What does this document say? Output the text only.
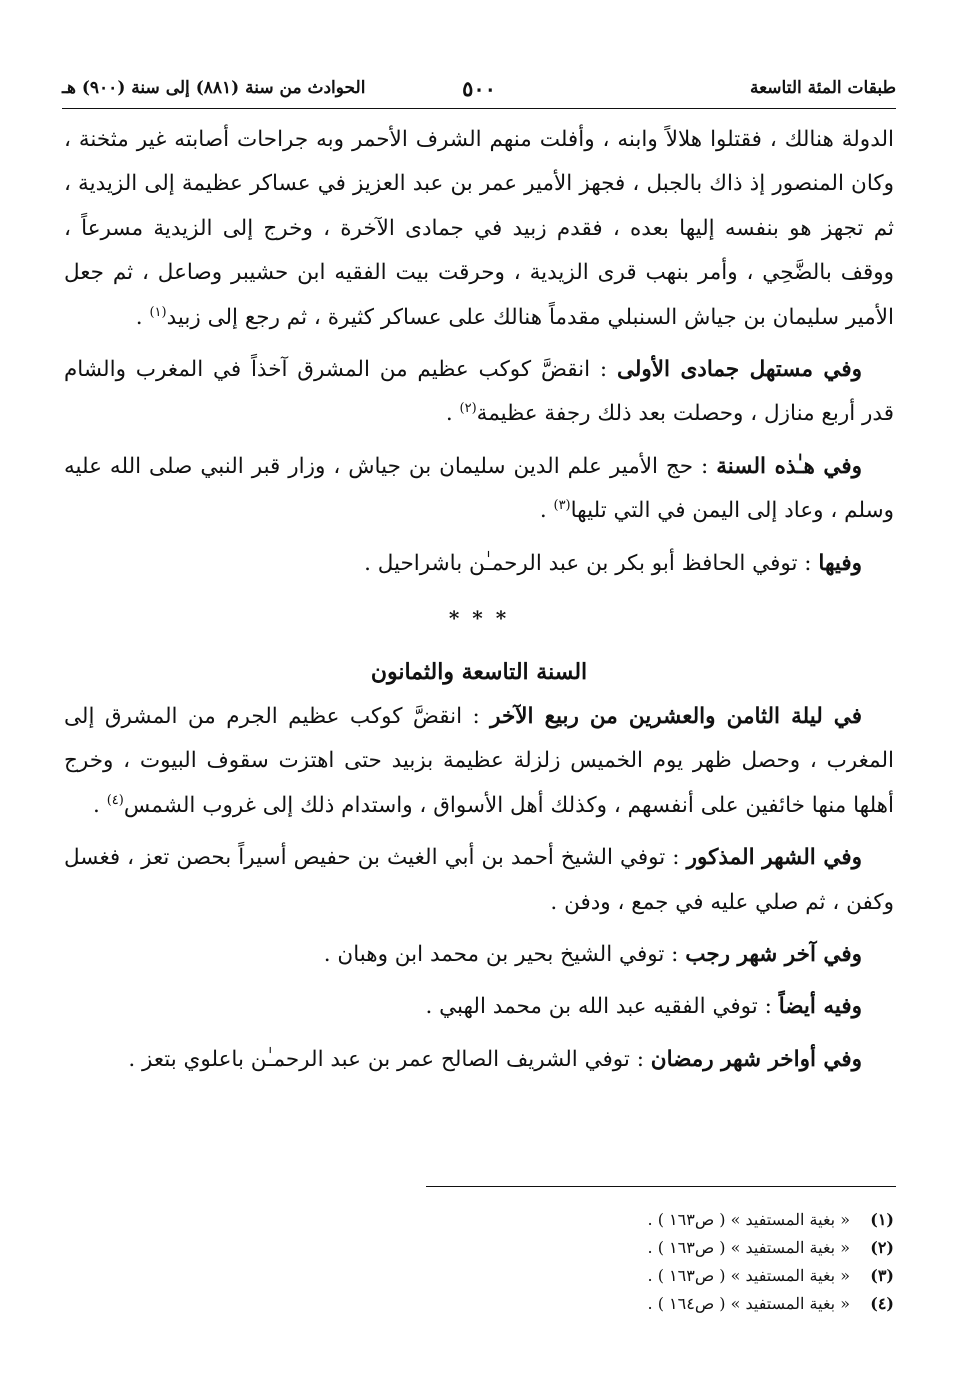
طبقات المئة التاسعة
٥٠٠
الحوادث من سنة (٨٨١) إلى سنة (٩٠٠) هـ

الدولة هنالك ، فقتلوا هلالاً وابنه ، وأفلت منهم الشرف الأحمر وبه جراحات أصابته غير مثخنة ، وكان المنصور إذ ذاك بالجبل ، فجهز الأمير عمر بن عبد العزيز في عساكر عظيمة إلى الزيدية ، ثم تجهز هو بنفسه إليها بعده ، فقدم زبيد في جمادى الآخرة ، وخرج إلى الزيدية مسرعاً ، ووقف بالضَّحِي ، وأمر بنهب قرى الزيدية ، وحرقت بيت الفقيه ابن حشيبر وصاعل ، ثم جعل الأمير سليمان بن جياش السنبلي مقدماً هنالك على عساكر كثيرة ، ثم رجع إلى زبيد$^{(١)}$ .

وفي مستهل جمادى الأولى : انقضَّ كوكب عظيم من المشرق آخذاً في المغرب والشام قدر أربع منازل ، وحصلت بعد ذلك رجفة عظيمة$^{(٢)}$ .

وفي هـٰذه السنة : حج الأمير علم الدين سليمان بن جياش ، وزار قبر النبي صلى الله عليه وسلم ، وعاد إلى اليمن في التي تليها$^{(٣)}$ .

وفيها : توفي الحافظ أبو بكر بن عبد الرحمـٰن باشراحيل .

* * *
السنة التاسعة والثمانون

في ليلة الثامن والعشرين من ربيع الآخر : انقضَّ كوكب عظيم الجرم من المشرق إلى المغرب ، وحصل ظهر يوم الخميس زلزلة عظيمة بزبيد حتى اهتزت سقوف البيوت ، وخرج أهلها منها خائفين على أنفسهم ، وكذلك أهل الأسواق ، واستدام ذلك إلى غروب الشمس$^{(٤)}$ .

وفي الشهر المذكور : توفي الشيخ أحمد بن أبي الغيث بن حفيص أسيراً بحصن تعز ، فغسل وكفن ، ثم صلي عليه في جمع ، ودفن .

وفي آخر شهر رجب : توفي الشيخ بحير بن محمد ابن وهبان .

وفيه أيضاً : توفي الفقيه عبد الله بن محمد الهبي .

وفي أواخر شهر رمضان : توفي الشريف الصالح عمر بن عبد الرحمـٰن باعلوي بتعز .

(١)« بغية المستفيد » ( ص١٦٣ ) .
(٢)« بغية المستفيد » ( ص١٦٣ ) .
(٣)« بغية المستفيد » ( ص١٦٣ ) .
(٤)« بغية المستفيد » ( ص١٦٤ ) .
